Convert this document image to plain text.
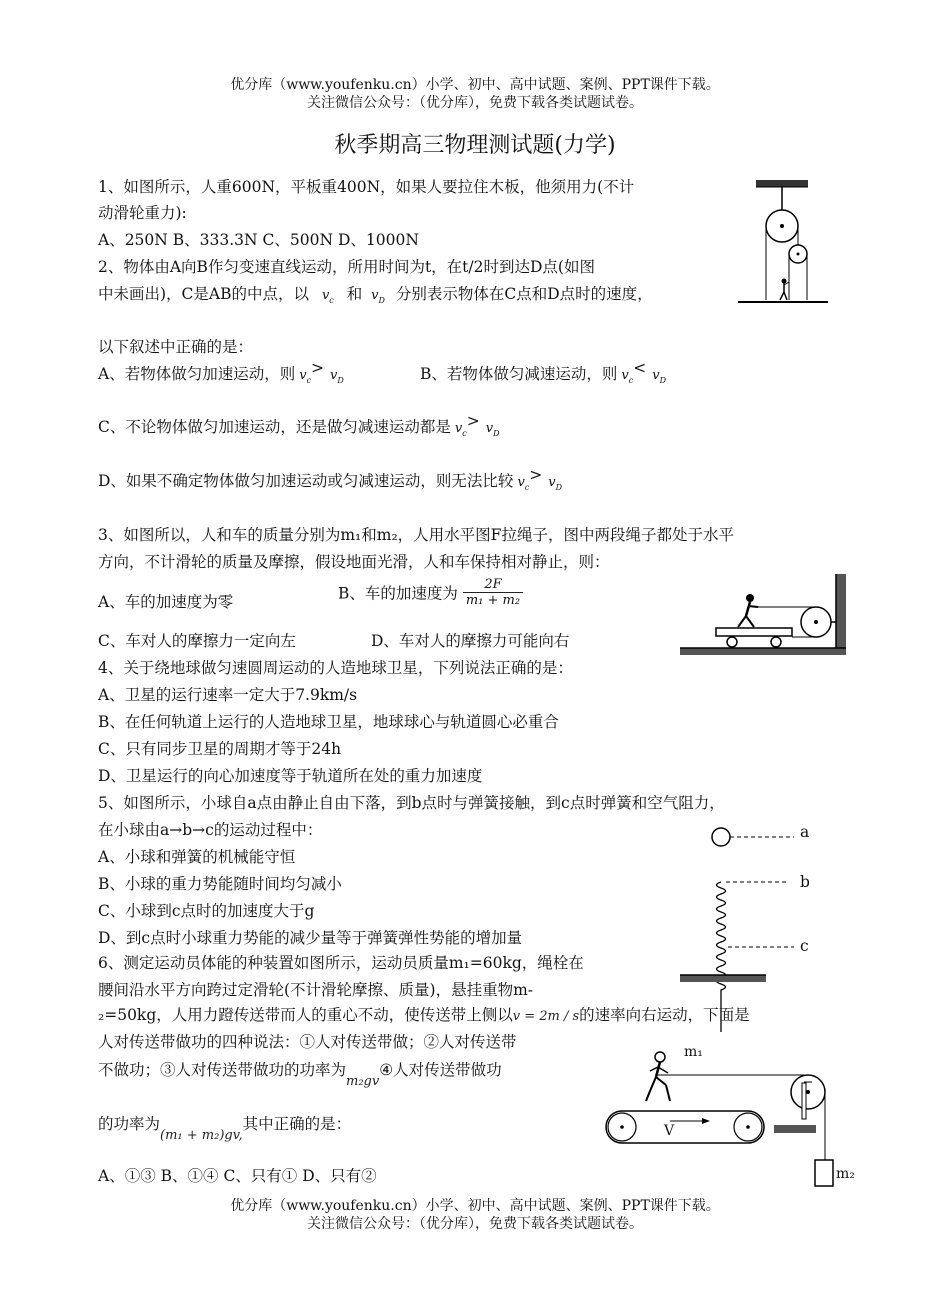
优分库（www.youfenku.cn）小学、初中、高中试题、案例、PPT课件下载。
关注微信公众号：（优分库），免费下载各类试题试卷。
秋季期高三物理测试题(力学)
1、如图所示，人重600N，平板重400N，如果人要拉住木板，他须用力(不计
动滑轮重力):
A、250N B、333.3N C、500N D、1000N
2、物体由A向B作匀变速直线运动，所用时间为t，在t/2时到达D点(如图
中未画出)，C是AB的中点，以 $v_c$ 和 $v_D$ 分别表示物体在C点和D点时的速度，
以下叙述中正确的是：
A、若物体做匀加速运动，则 $v_c> v_D$	B、若物体做匀减速运动，则 $v_c< v_D$
C、不论物体做匀加速运动，还是做匀减速运动都是 $v_c> v_D$
D、如果不确定物体做匀加速运动或匀减速运动，则无法比较 $v_c> v_D$
3、如图所以，人和车的质量分别为m₁和m₂，人用水平图F拉绳子，图中两段绳子都处于水平
方向，不计滑轮的质量及摩擦，假设地面光滑，人和车保持相对静止，则：
A、车的加速度为零	B、车的加速度为 $\frac{2F}{\text{m₁ + m₂}}$
C、车对人的摩擦力一定向左	D、车对人的摩擦力可能向右
4、关于绕地球做匀速圆周运动的人造地球卫星，下列说法正确的是：
A、卫星的运行速率一定大于7.9km/s
B、在任何轨道上运行的人造地球卫星，地球球心与轨道圆心必重合
C、只有同步卫星的周期才等于24h
D、卫星运行的向心加速度等于轨道所在处的重力加速度
5、如图所示，小球自a点由静止自由下落，到b点时与弹簧接触，到c点时弹簧和空气阻力，
在小球由a→b→c的运动过程中：
A、小球和弹簧的机械能守恒
B、小球的重力势能随时间均匀减小
C、小球到c点时的加速度大于g
D、到c点时小球重力势能的减少量等于弹簧弹性势能的增加量
a
b
c
6、测定运动员体能的种装置如图所示，运动员质量m₁=60kg，绳栓在
腰间沿水平方向跨过定滑轮(不计滑轮摩擦、质量)，悬挂重物m-
₂=50kg，人用力蹬传送带而人的重心不动，使传送带上侧以v = 2m / s的速率向右运动，下面是
人对传送带做功的四种说法：①人对传送带做；②人对传送带
不做功；③人对传送带做功的功率为$_{m_2gv}$④人对传送带做功
的功率为$_{(m_1 + m_2)gv,}$其中正确的是：
A、①③ B、①④ C、只有① D、只有②
m₁
m₂
V
优分库（www.youfenku.cn）小学、初中、高中试题、案例、PPT课件下载。
关注微信公众号：（优分库），免费下载各类试题试卷。
